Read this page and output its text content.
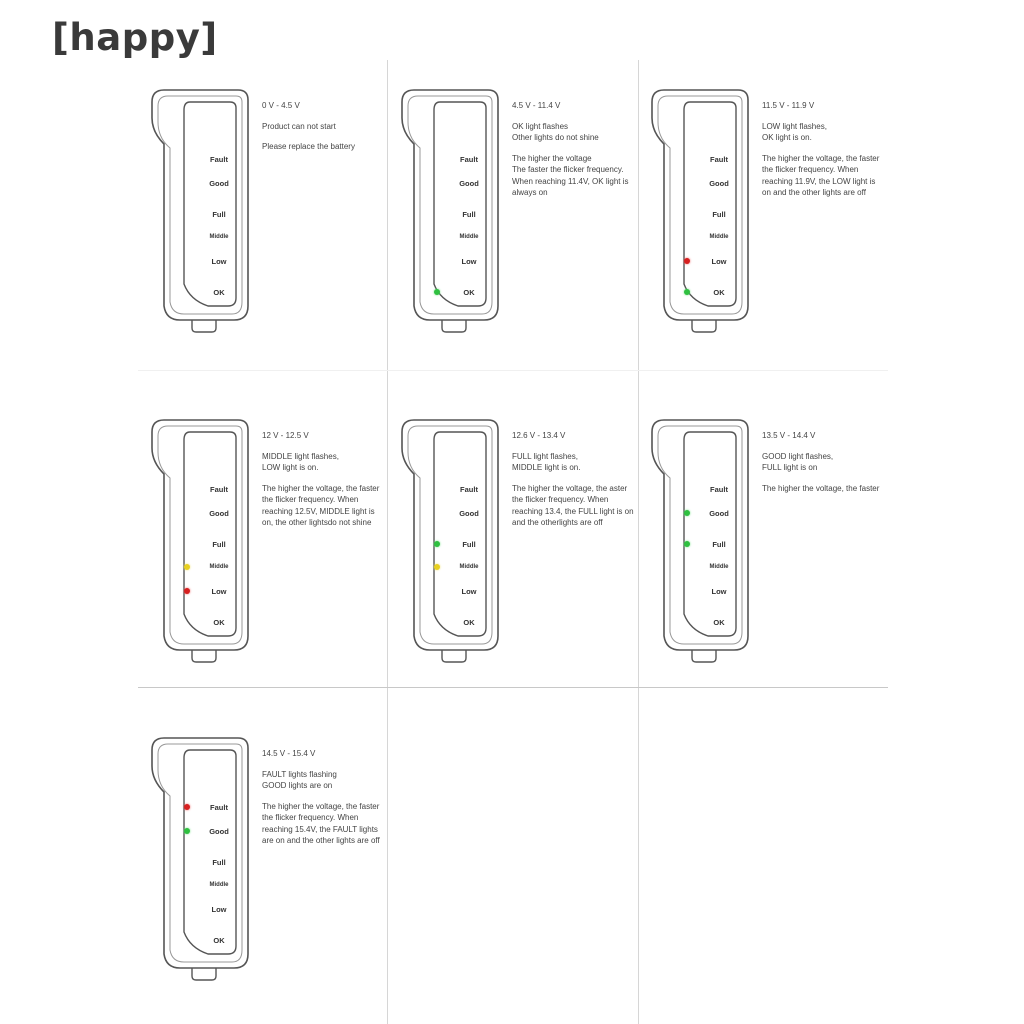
[happy]
Fault
Good
Full
Middle
Low
OK
0 V - 4.5 V
Product can not start
Please replace the battery
Fault
Good
Full
Middle
Low
OK
4.5 V - 11.4 V
OK light flashes
Other lights do not shine
The higher the voltage
The faster the flicker frequency. When reaching 11.4V, OK light is always on
Fault
Good
Full
Middle
Low
OK
11.5 V - 11.9 V
LOW light flashes,
OK light is on.
The higher the voltage, the faster the flicker frequency. When reaching 11.9V, the LOW light is on and the other lights are off
Fault
Good
Full
Middle
Low
OK
12 V - 12.5 V
MIDDLE light flashes,
LOW light is on.
The higher the voltage, the faster the flicker frequency. When reaching 12.5V, MIDDLE light is on, the other lightsdo not shine
Fault
Good
Full
Middle
Low
OK
12.6 V - 13.4 V
FULL light flashes,
MIDDLE light is on.
The higher the voltage, the aster the flicker frequency. When reaching 13.4, the FULL light is on and the otherlights are off
Fault
Good
Full
Middle
Low
OK
13.5 V - 14.4 V
GOOD light flashes,
FULL light is on
The higher the voltage, the faster
Fault
Good
Full
Middle
Low
OK
14.5 V - 15.4 V
FAULT lights flashing
GOOD lights are on
The higher the voltage, the faster the flicker frequency. When reaching 15.4V, the FAULT lights are on and the other lights are off
